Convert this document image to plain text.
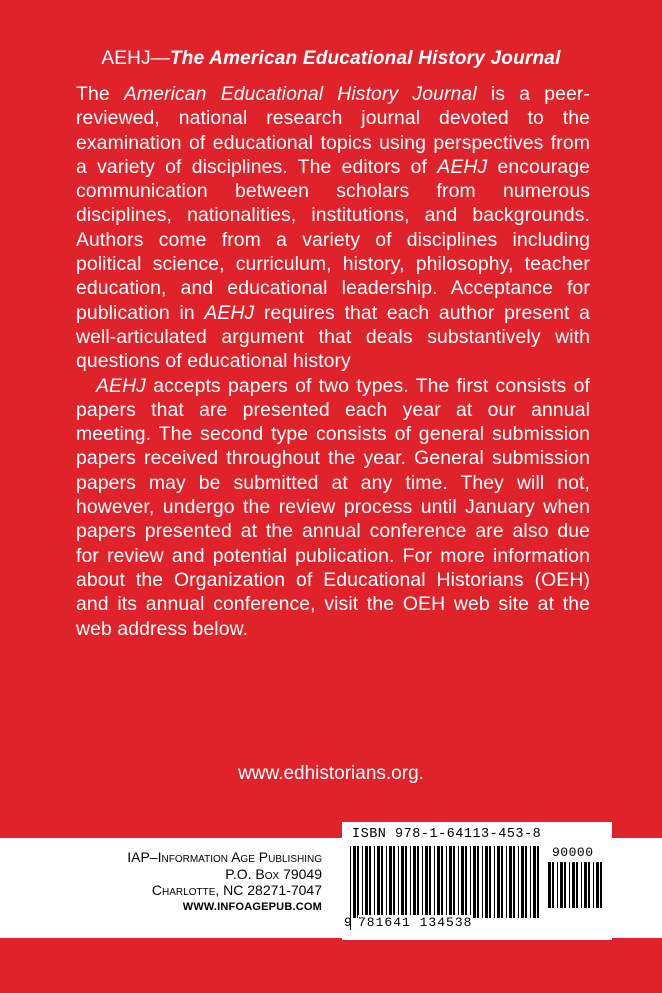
AEHJ—The American Educational History Journal

The American Educational History Journal is a peer-reviewed, national research journal devoted to the examination of educational topics using perspectives from a variety of disciplines. The editors of AEHJ encourage communication between scholars from numerous disciplines, nationalities, institutions, and backgrounds. Authors come from a variety of disciplines including political science, curriculum, history, philosophy, teacher education, and educational leadership. Acceptance for publication in AEHJ requires that each author present a well-articulated argument that deals substantively with questions of educational history

AEHJ accepts papers of two types. The first consists of papers that are presented each year at our annual meeting. The second type consists of general submission papers received throughout the year. General submission papers may be submitted at any time. They will not, however, undergo the review process until January when papers presented at the annual conference are also due for review and potential publication. For more information about the Organization of Educational Historians (OEH) and its annual conference, visit the OEH web site at the web address below.

www.edhistorians.org.
IAP–Information Age Publishing
P.O. Box 79049
Charlotte, NC 28271-7047
WWW.INFOAGEPUB.COM
ISBN 978-1-64113-453-8
90000
9 781641 134538
